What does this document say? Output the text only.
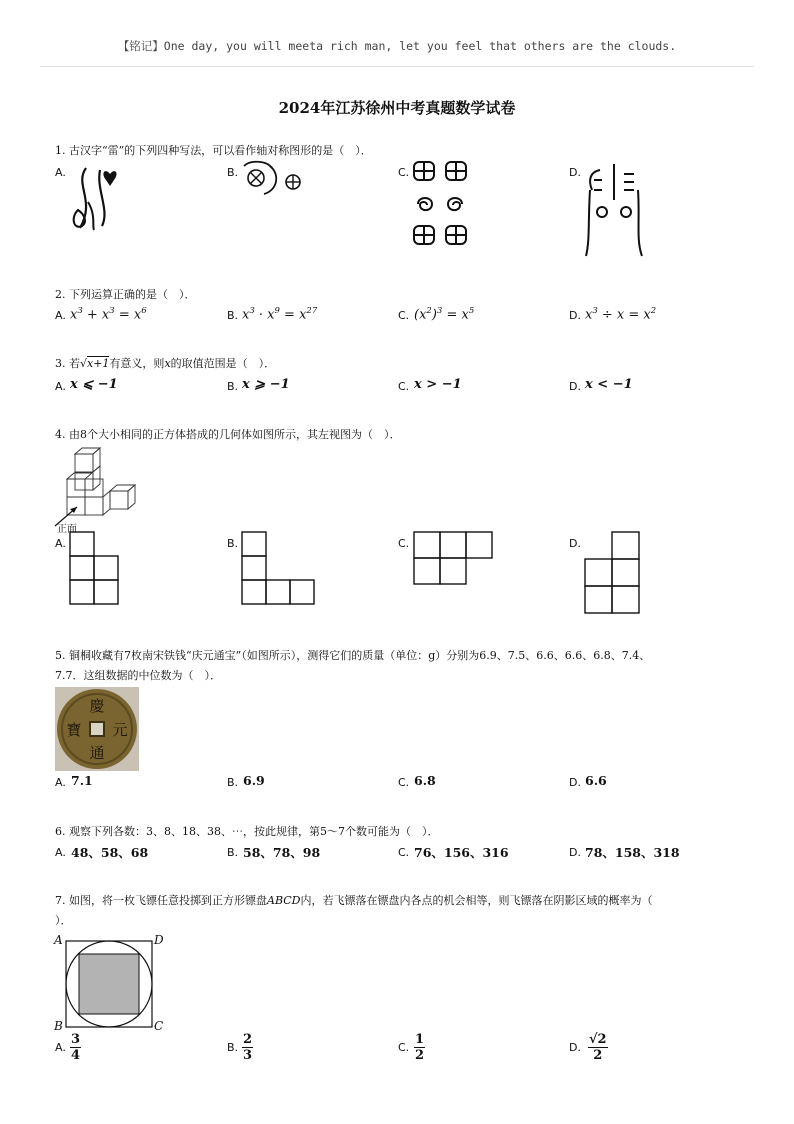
【铭记】One day, you will meeta rich man, let you feel that others are the clouds.
2024年江苏徐州中考真题数学试卷
1. 古汉字“雷”的下列四种写法，可以看作轴对称图形的是（　）．
A.	B.	C.	D.
2. 下列运算正确的是（　）．
A. $x^3 + x^3 = x^6$	B. $x^3 \cdot x^9 = x^{27}$	C. $(x^2)^3 = x^5$	D. $x^3 \div x = x^2$
3. 若√x+1有意义，则x的取值范围是（　）．
A. x ⩽ −1	B. x ⩾ −1	C. x > −1	D. x < −1
4. 由8个大小相同的正方体搭成的几何体如图所示，其左视图为（　）．
正面
A.	B.	C.	D.
5. 铜桐收藏有7枚南宋铁钱“庆元通宝”（如图所示），测得它们的质量（单位：g）分别为6.9、7.5、6.6、6.6、6.8、7.4、
7.7．这组数据的中位数为（　）．
慶
元
通
寶
A. 7.1	B. 6.9	C. 6.8	D. 6.6
6. 观察下列各数：3、8、18、38、⋯，按此规律，第5～7个数可能为（　）．
A. 48、58、68	B. 58、78、98	C. 76、156、316	D. 78、158、318
7. 如图，将一枚飞镖任意投掷到正方形镖盘ABCD内，若飞镖落在镖盘内各点的机会相等，则飞镖落在阴影区域的概率为（
）．
A	D
B	C
A. $\frac{3}{4}$	B. $\frac{2}{3}$	C. $\frac{1}{2}$	D. $\frac{√2}{2}$
